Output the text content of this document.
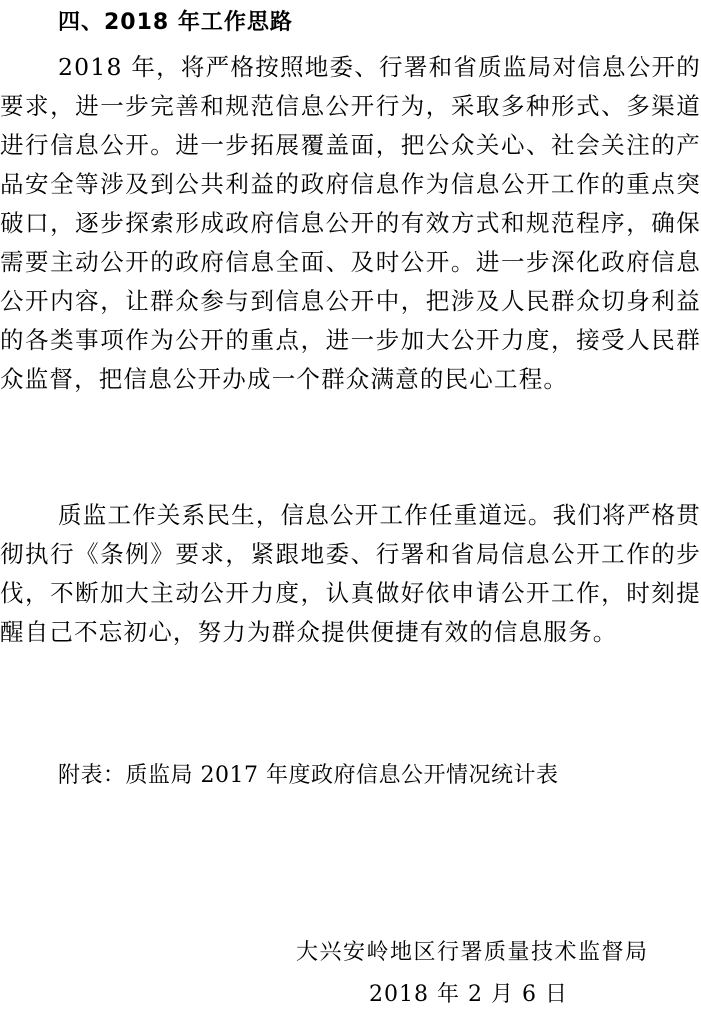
四、2018 年工作思路

2018 年，将严格按照地委、行署和省质监局对信息公开的要求，进一步完善和规范信息公开行为，采取多种形式、多渠道进行信息公开。进一步拓展覆盖面，把公众关心、社会关注的产品安全等涉及到公共利益的政府信息作为信息公开工作的重点突破口，逐步探索形成政府信息公开的有效方式和规范程序，确保需要主动公开的政府信息全面、及时公开。进一步深化政府信息公开内容，让群众参与到信息公开中，把涉及人民群众切身利益的各类事项作为公开的重点，进一步加大公开力度，接受人民群众监督，把信息公开办成一个群众满意的民心工程。

质监工作关系民生，信息公开工作任重道远。我们将严格贯彻执行《条例》要求，紧跟地委、行署和省局信息公开工作的步伐，不断加大主动公开力度，认真做好依申请公开工作，时刻提醒自己不忘初心，努力为群众提供便捷有效的信息服务。

附表：质监局 2017 年度政府信息公开情况统计表
大兴安岭地区行署质量技术监督局
2018 年 2 月 6 日
